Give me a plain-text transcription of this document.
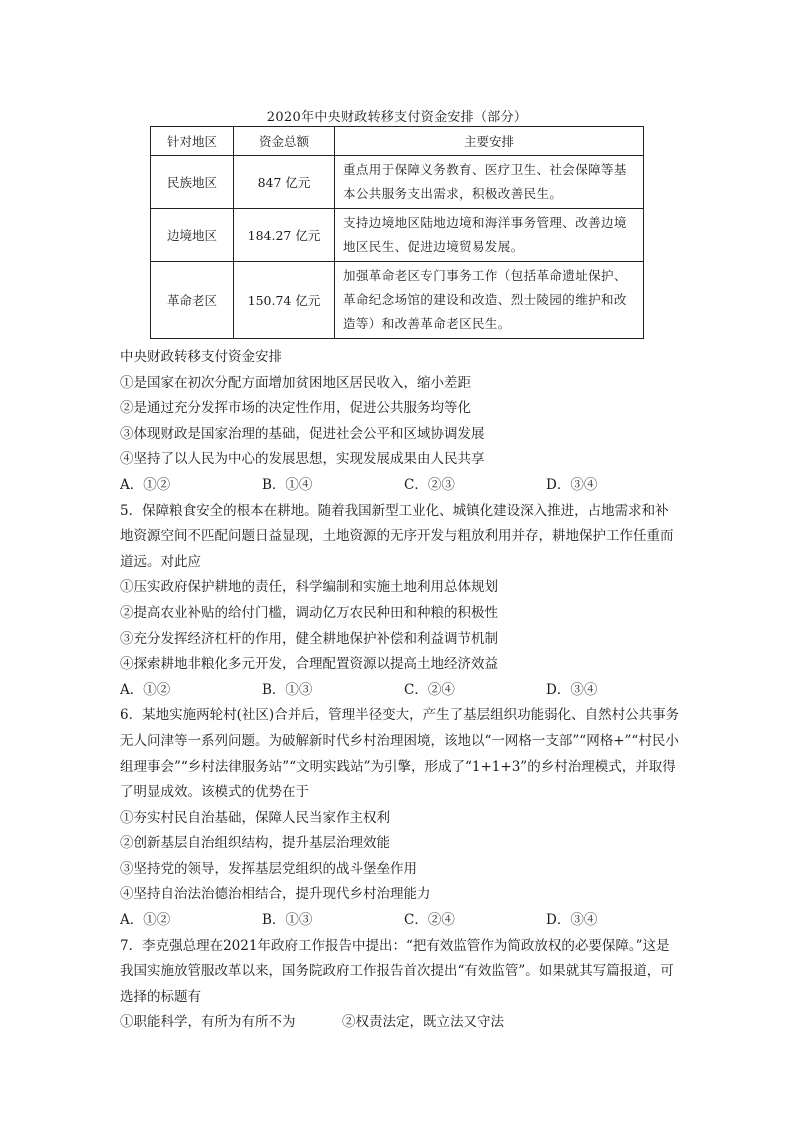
2020年中央财政转移支付资金安排（部分）
针对地区	资金总额	主要安排
民族地区	847 亿元	重点用于保障义务教育、医疗卫生、社会保障等基本公共服务支出需求，积极改善民生。
边境地区	184.27 亿元	支持边境地区陆地边境和海洋事务管理、改善边境地区民生、促进边境贸易发展。
革命老区	150.74 亿元	加强革命老区专门事务工作（包括革命遗址保护、革命纪念场馆的建设和改造、烈士陵园的维护和改造等）和改善革命老区民生。
中央财政转移支付资金安排
①是国家在初次分配方面增加贫困地区居民收入，缩小差距
②是通过充分发挥市场的决定性作用，促进公共服务均等化
③体现财政是国家治理的基础，促进社会公平和区域协调发展
④坚持了以人民为中心的发展思想，实现发展成果由人民共享
A．①②	B．①④	C．②③	D．③④
5．保障粮食安全的根本在耕地。随着我国新型工业化、城镇化建设深入推进，占地需求和补地资源空间不匹配问题日益显现，土地资源的无序开发与粗放利用并存，耕地保护工作任重而道远。对此应
①压实政府保护耕地的责任，科学编制和实施土地利用总体规划
②提高农业补贴的给付门槛，调动亿万农民种田和种粮的积极性
③充分发挥经济杠杆的作用，健全耕地保护补偿和利益调节机制
④探索耕地非粮化多元开发，合理配置资源以提高土地经济效益
A．①②	B．①③	C．②④	D．③④
6．某地实施两轮村(社区)合并后，管理半径变大，产生了基层组织功能弱化、自然村公共事务无人问津等一系列问题。为破解新时代乡村治理困境，该地以“一网格一支部”“网格+”“村民小组理事会”“乡村法律服务站”“文明实践站”为引擎，形成了“1+1+3”的乡村治理模式，并取得了明显成效。该模式的优势在于
①夯实村民自治基础，保障人民当家作主权利
②创新基层自治组织结构，提升基层治理效能
③坚持党的领导，发挥基层党组织的战斗堡垒作用
④坚持自治法治德治相结合，提升现代乡村治理能力
A．①②	B．①③	C．②④	D．③④
7．李克强总理在2021年政府工作报告中提出：“把有效监管作为简政放权的必要保障。”这是我国实施放管服改革以来，国务院政府工作报告首次提出“有效监管”。如果就其写篇报道，可选择的标题有
①职能科学，有所为有所不为	②权责法定，既立法又守法
